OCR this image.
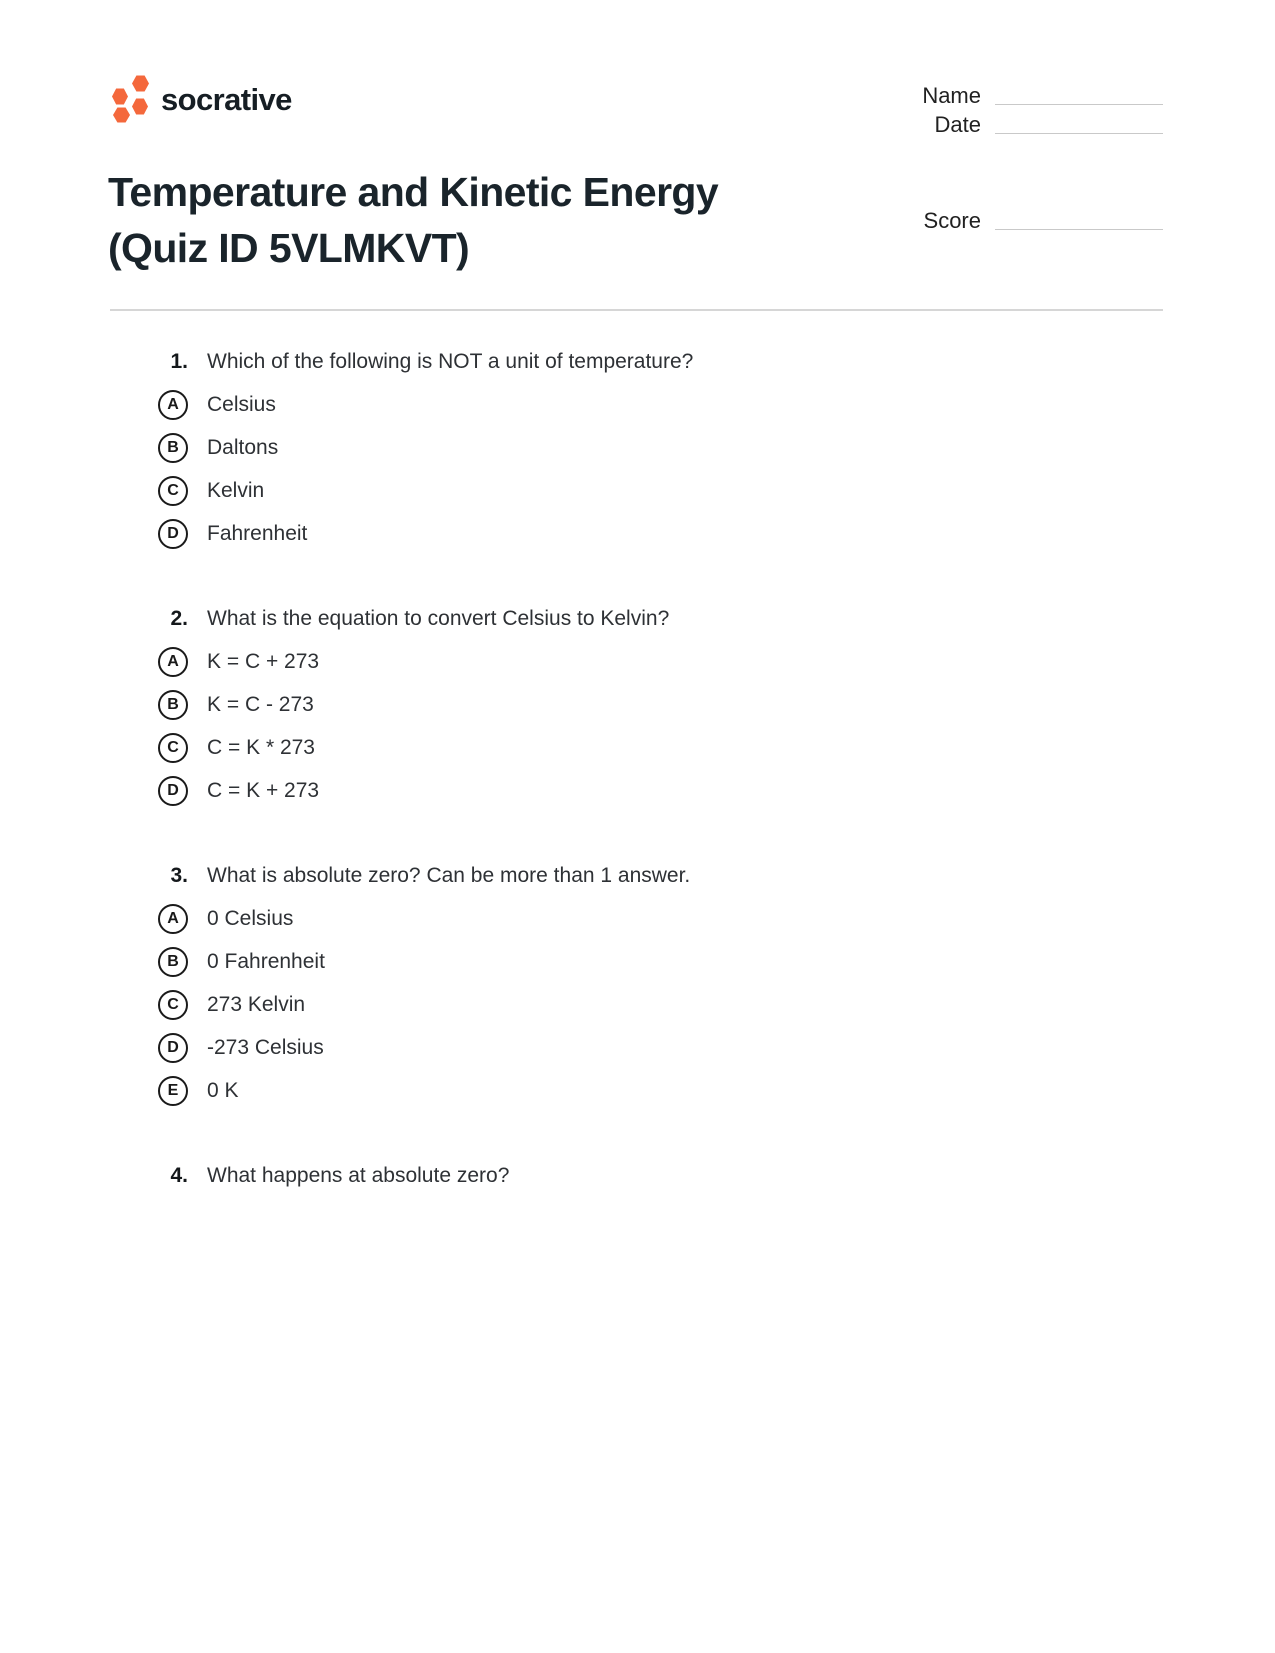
socrative	Name
Date
Score
Temperature and Kinetic Energy
(Quiz ID 5VLMKVT)
1. Which of the following is NOT a unit of temperature?
A	Celsius
B	Daltons
C	Kelvin
D	Fahrenheit
2. What is the equation to convert Celsius to Kelvin?
A	K = C + 273
B	K = C - 273
C	C = K * 273
D	C = K + 273
3. What is absolute zero? Can be more than 1 answer.
A	0 Celsius
B	0 Fahrenheit
C	273 Kelvin
D	-273 Celsius
E	0 K
4. What happens at absolute zero?
